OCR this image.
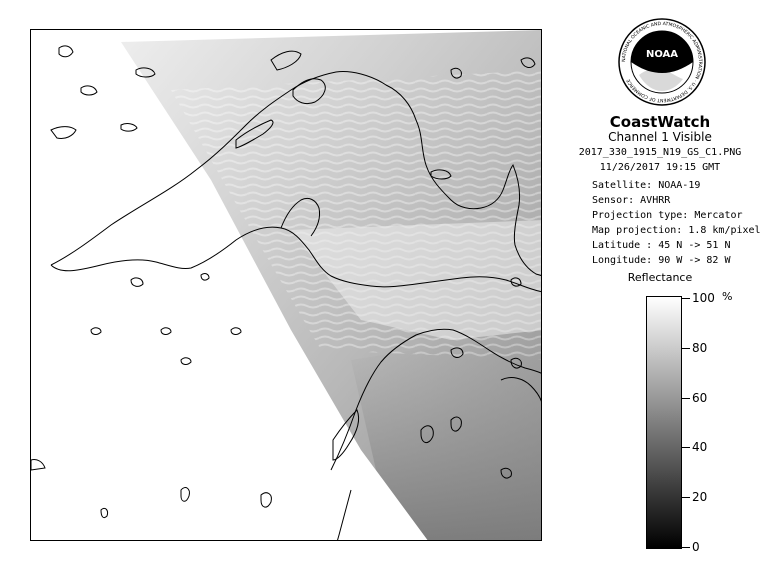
NOAA
NATIONAL OCEANIC AND ATMOSPHERIC ADMINISTRATION · U.S. DEPARTMENT OF COMMERCE
CoastWatch
Channel 1 Visible
2017_330_1915_N19_GS_C1.PNG
11/26/2017 19:15 GMT
Satellite: NOAA-19
Sensor: AVHRR
Projection type: Mercator
Map projection: 1.8 km/pixel
Latitude : 45 N -> 51 N
Longitude: 90 W -> 82 W
Reflectance
%
100
80
60
40
20
0
